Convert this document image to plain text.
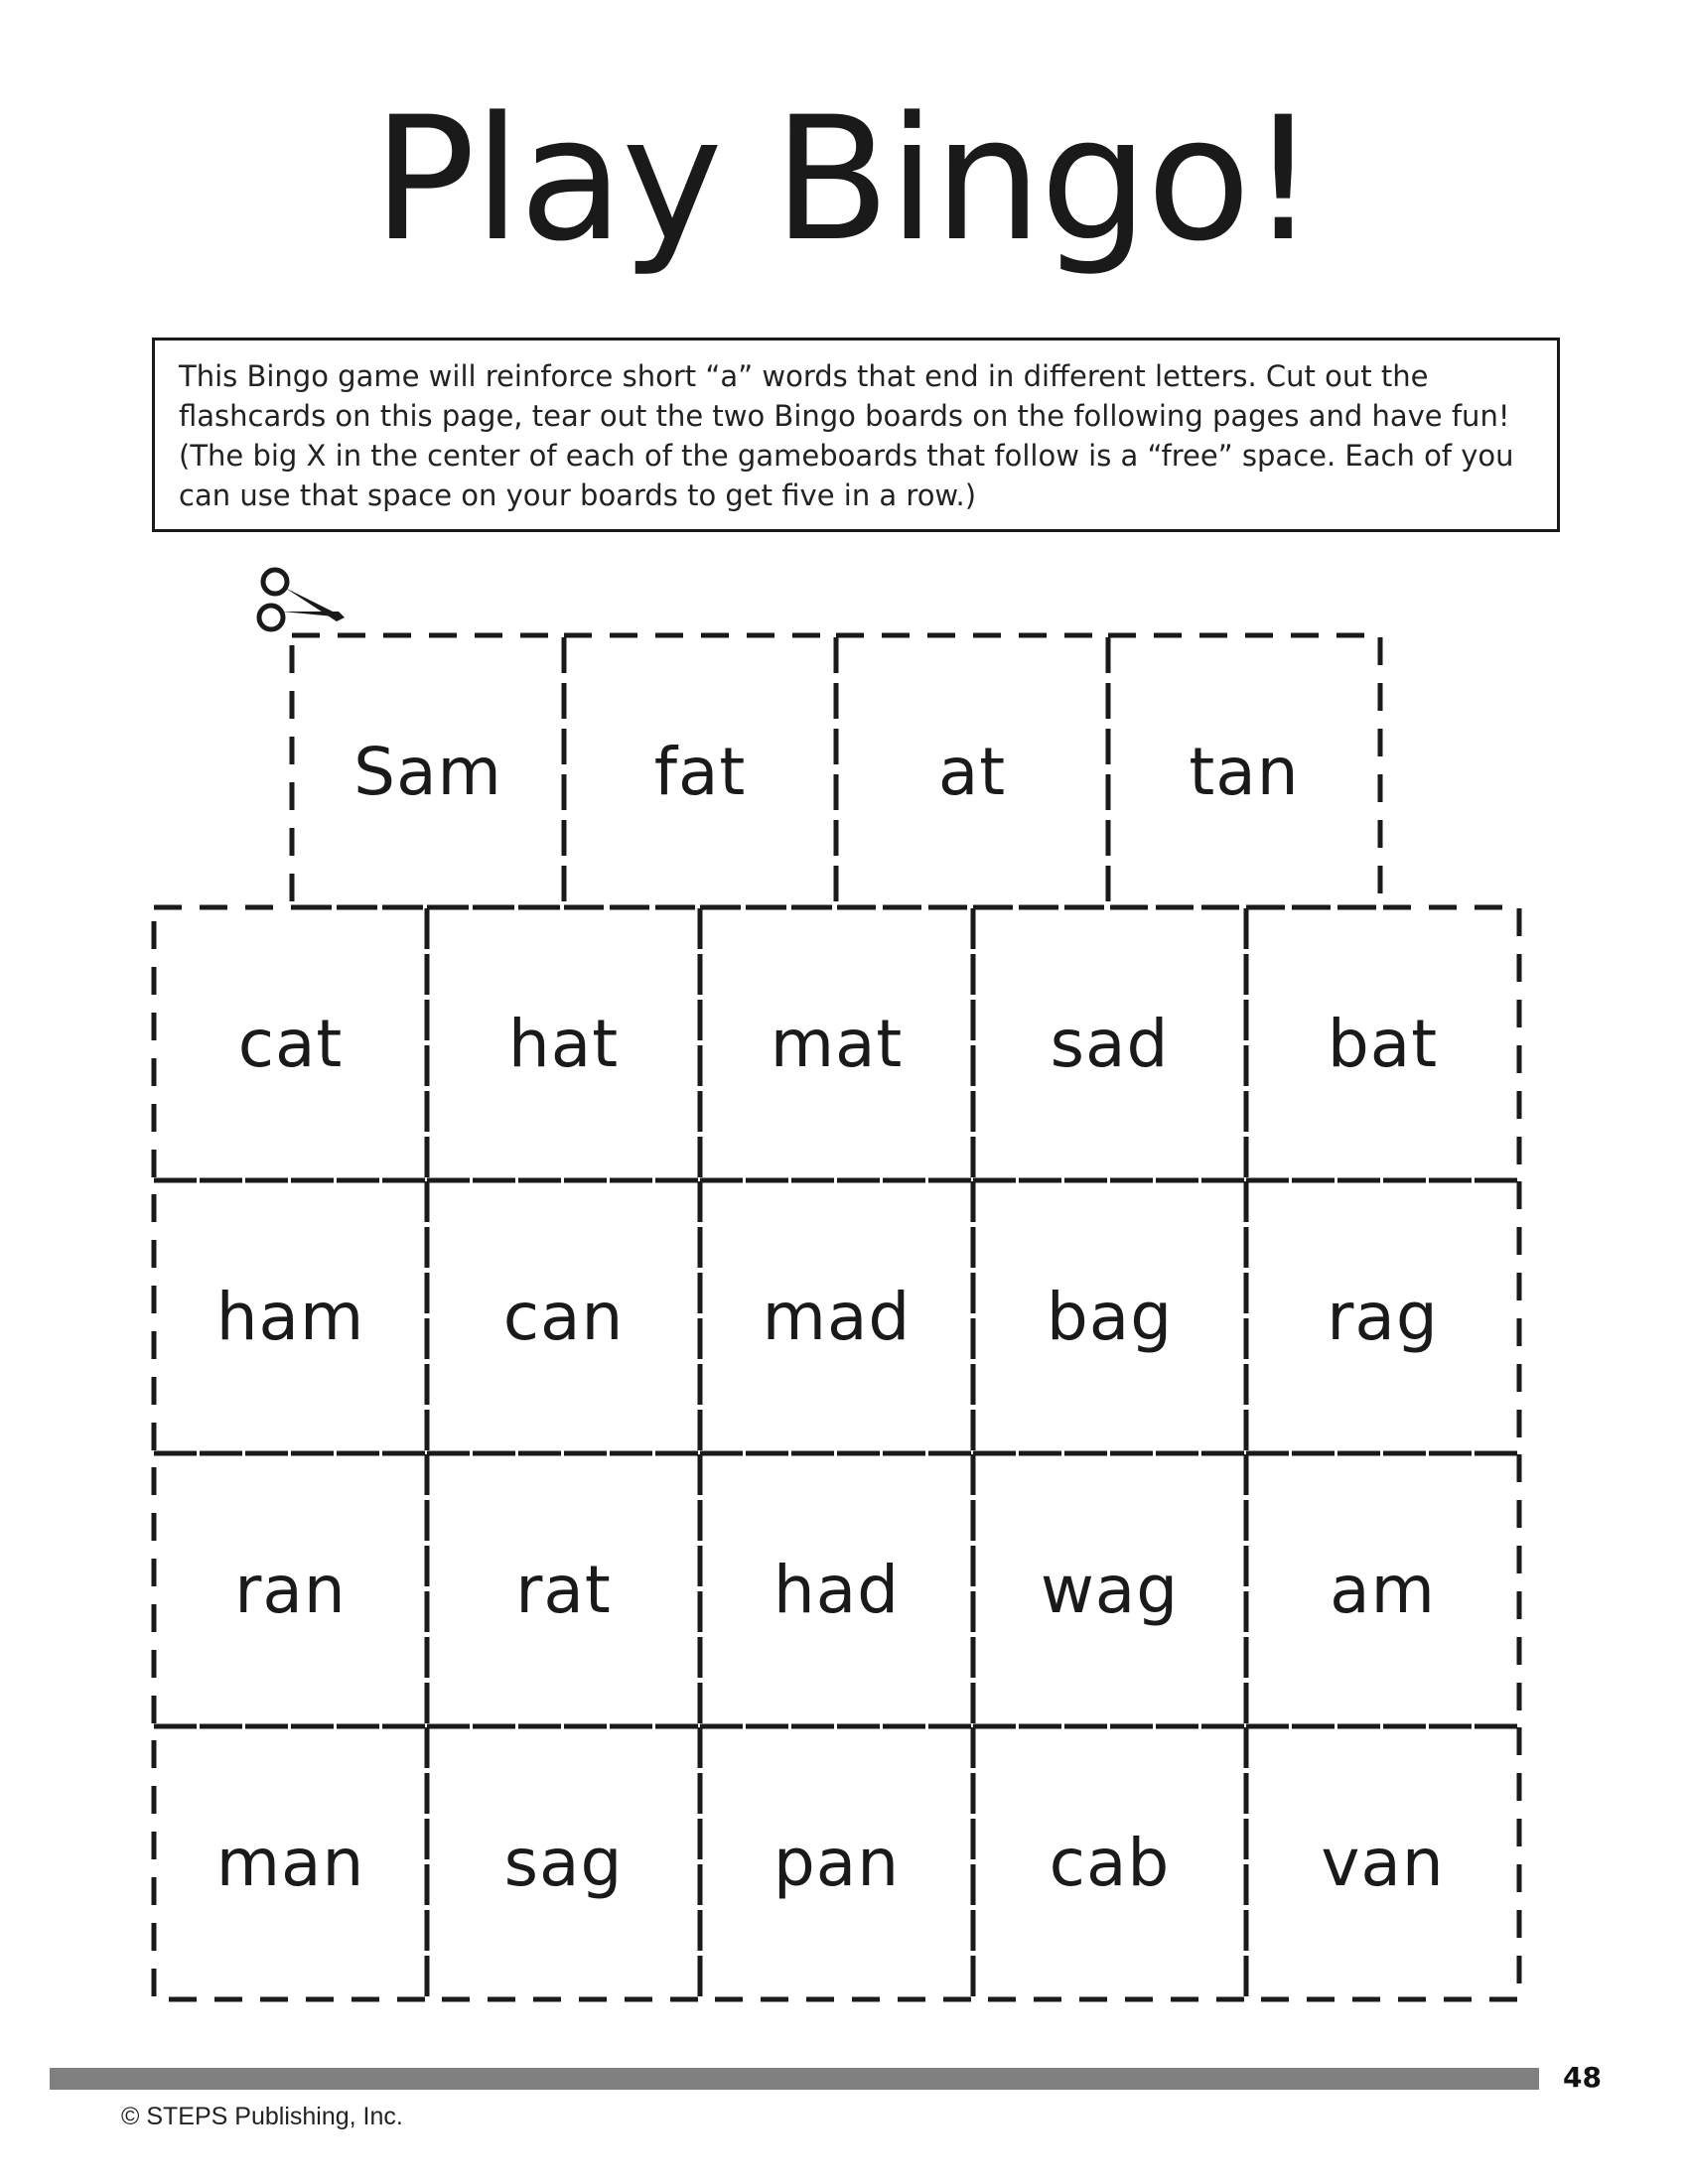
Play Bingo!
This Bingo game will reinforce short “a” words that end in different letters. Cut out the flashcards on this page, tear out the two Bingo boards on the following pages and have fun! (The big X in the center of each of the gameboards that follow is a “free” space. Each of you can use that space on your boards to get five in a row.)
Sam fat	at	tan
cat	hat mat sad bat
ham can mad bag rag
ran	rat had wag am
man sag pan cab van
48
© STEPS Publishing, Inc.
